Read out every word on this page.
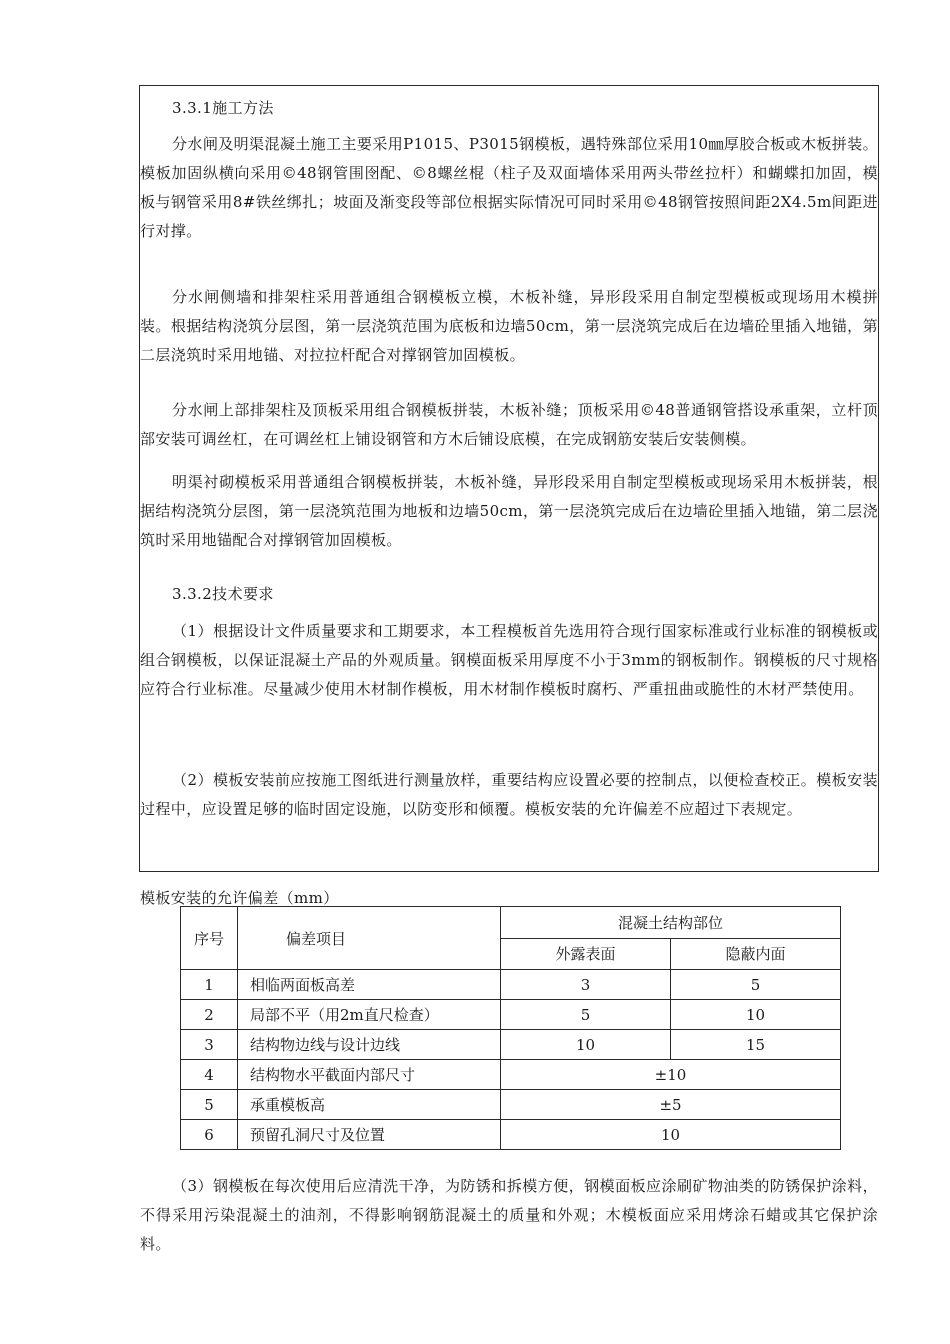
3.3.1施工方法

分水闸及明渠混凝土施工主要采用P1015、P3015钢模板，遇特殊部位采用10㎜厚胶合板或木板拼装。模板加固纵横向采用©48钢管围囹配、©8螺丝棍（柱子及双面墙体采用两头带丝拉杆）和蝴蝶扣加固，模板与钢管采用8#铁丝绑扎；坡面及渐变段等部位根据实际情况可同时采用©48钢管按照间距2X4.5m间距进行对撑。

分水闸侧墙和排架柱采用普通组合钢模板立模，木板补缝，异形段采用自制定型模板或现场用木模拼装。根据结构浇筑分层图，第一层浇筑范围为底板和边墙50cm，第一层浇筑完成后在边墙砼里插入地锚，第二层浇筑时采用地锚、对拉拉杆配合对撑钢管加固模板。

分水闸上部排架柱及顶板采用组合钢模板拼装，木板补缝；顶板采用©48普通钢管搭设承重架，立杆顶部安装可调丝杠，在可调丝杠上铺设钢管和方木后铺设底模，在完成钢筋安装后安装侧模。

明渠衬砌模板采用普通组合钢模板拼装，木板补缝，异形段采用自制定型模板或现场采用木板拼装，根据结构浇筑分层图，第一层浇筑范围为地板和边墙50cm，第一层浇筑完成后在边墙砼里插入地锚，第二层浇筑时采用地锚配合对撑钢管加固模板。

3.3.2技术要求

（1）根据设计文件质量要求和工期要求，本工程模板首先选用符合现行国家标准或行业标准的钢模板或组合钢模板，以保证混凝土产品的外观质量。钢模面板采用厚度不小于3mm的钢板制作。钢模板的尺寸规格应符合行业标准。尽量减少使用木材制作模板，用木材制作模板时腐朽、严重扭曲或脆性的木材严禁使用。

（2）模板安装前应按施工图纸进行测量放样，重要结构应设置必要的控制点，以便检查校正。模板安装过程中，应设置足够的临时固定设施，以防变形和倾覆。模板安装的允许偏差不应超过下表规定。

模板安装的允许偏差（mm）
序号	偏差项目	混凝土结构部位	
		外露表面	隐蔽内面
1	相临两面板高差	3	5
2	局部不平（用2m直尺检查）	5	10
3	结构物边线与设计边线	10	15
4	结构物水平截面内部尺寸	±10	
5	承重模板高	±5	
6	预留孔洞尺寸及位置	10	

（3）钢模板在每次使用后应清洗干净，为防锈和拆模方便，钢模面板应涂刷矿物油类的防锈保护涂料，不得采用污染混凝土的油剂，不得影响钢筋混凝土的质量和外观；木模板面应采用烤涂石蜡或其它保护涂料。
